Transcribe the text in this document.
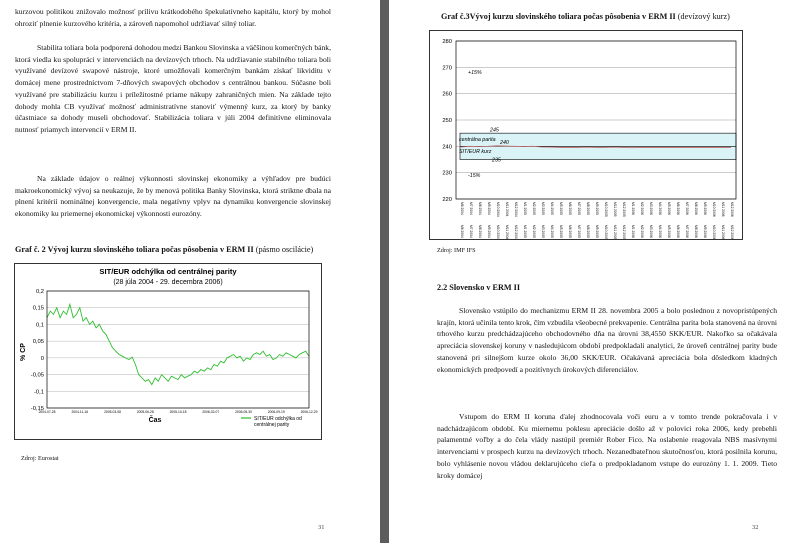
kurzovou politikou znižovalo možnosť prílivu krátkodobého špekulatívneho kapitálu, ktorý by mohol ohroziť plnenie kurzového kritéria, a zároveň napomohol udržiavať silný toliar.

Stabilita toliara bola podporená dohodou medzi Bankou Slovinska a väčšinou komerčných bánk, ktorá viedla ku spolupráci v intervenciách na devízových trhoch. Na udržiavanie stabilného toliara boli využívané devízové swapové nástroje, ktoré umožňovali komerčným bankám získať likviditu v domácej mene prostredníctvom 7-dňových swapových obchodov s centrálnou bankou. Súčasne boli využívané pre stabilizáciu kurzu i príležitostné priame nákupy zahraničných mien. Na základe tejto dohody mohla CB využívať možnosť administratívne stanoviť výmenný kurz, za ktorý by banky účastniace sa dohody museli obchodovať. Stabilizácia toliara v júli 2004 definitívne eliminovala nutnosť priamych intervencií v ERM II.

Na základe údajov o reálnej výkonnosti slovinskej ekonomiky a výhľadov pre budúci makroekonomický vývoj sa neukazuje, že by menová politika Banky Slovinska, ktorá striktne dbala na plnení kritérií nominálnej konvergencie, mala negatívny vplyv na dynamiku konvergencie slovinskej ekonomiky ku priemernej ekonomickej výkonnosti eurozóny.

Graf č. 2 Vývoj kurzu slovinského toliara počas pôsobenia v ERM II (pásmo oscilácie)

SIT/EUR odchýlka od centrálnej parity
(28 júla 2004 - 29. decembra 2006)
0,2
0,15
0,1
0,05
0
-0,05
-0,1
-0,15
2004-07-28	2004-11-16	2005-03-08	2005-06-28	2005-10-18	2006-02-07	2006-05-30	2006-09-19	2006-12-29
% CP
Čas	SIT/EUR odchýlka od centrálnej parity

Zdroj: Eurostat

31

Graf č.3Vývoj kurzu slovinského toliara počas pôsobenia v ERM II (devízový kurz)

280
270
260
250
240
230
220
+15%
-15%
centrálna parita
240
245
SIT/EUR kurz
235
M6 2004 M7 2004 M8 2004 M9 2004 M10 2004 M11 2004 M12 2004 M1 2005 M2 2005 M3 2005 M4 2005 M5 2005 M6 2005 M7 2005 M8 2005 M9 2005 M10 2005 M11 2005 M12 2005 M1 2006 M2 2006 M3 2006 M4 2006 M5 2006 M6 2006 M7 2006 M8 2006 M9 2006 M10 2006 M11 2006 M12 2006
M6 2004 M7 2004 M8 2004 M9 2004 M10 2004 M11 2004 M12 2004 M1 2005 M2 2005 M3 2005 M4 2005 M5 2005 M6 2005 M7 2005 M8 2005 M9 2005 M10 2005 M11 2005 M12 2005 M1 2006 M2 2006 M3 2006 M4 2006 M5 2006 M6 2006 M7 2006 M8 2006 M9 2006 M10 2006 M11 2006 M12 2006

Zdroj: IMF IFS

2.2 Slovensko v ERM II

Slovensko vstúpilo do mechanizmu ERM II 28. novembra 2005 a bolo poslednou z novopristúpených krajín, ktorá učinila tento krok, čím vzbudila všeobecné prekvapenie. Centrálna parita bola stanovená na úrovni trhového kurzu predchádzajúceho obchodovného dňa na úrovni 38,4550 SKK/EUR. Nakoľko sa očakávala apreciácia slovenskej koruny v nasledujúcom období predpokladali analytici, že úroveň centrálnej parity bude stanovená pri silnejšom kurze okolo 36,00 SKK/EUR. Očakávaná apreciácia bola dôsledkom kladných ekonomických predpovedí a pozitívnych úrokových diferenciálov.

Vstupom do ERM II koruna ďalej zhodnocovala voči euru a v tomto trende pokračovala i v nadchádzajúcom období. Ku miernemu poklesu apreciácie došlo až v polovici roka 2006, kedy prebehli palamentné voľby a do čela vlády nastúpil premiér Rober Fico. Na oslabenie reagovala NBS masívnymi intervenciami v prospech kurzu na devízových trhoch. Nezanedbateľnou skutočnosťou, ktorá posilnila korunu, bolo vyhlásenie novou vládou deklarujúceho cieľa o predpokladanom vstupe do eurozóny 1. 1. 2009. Tieto kroky domácej

32
